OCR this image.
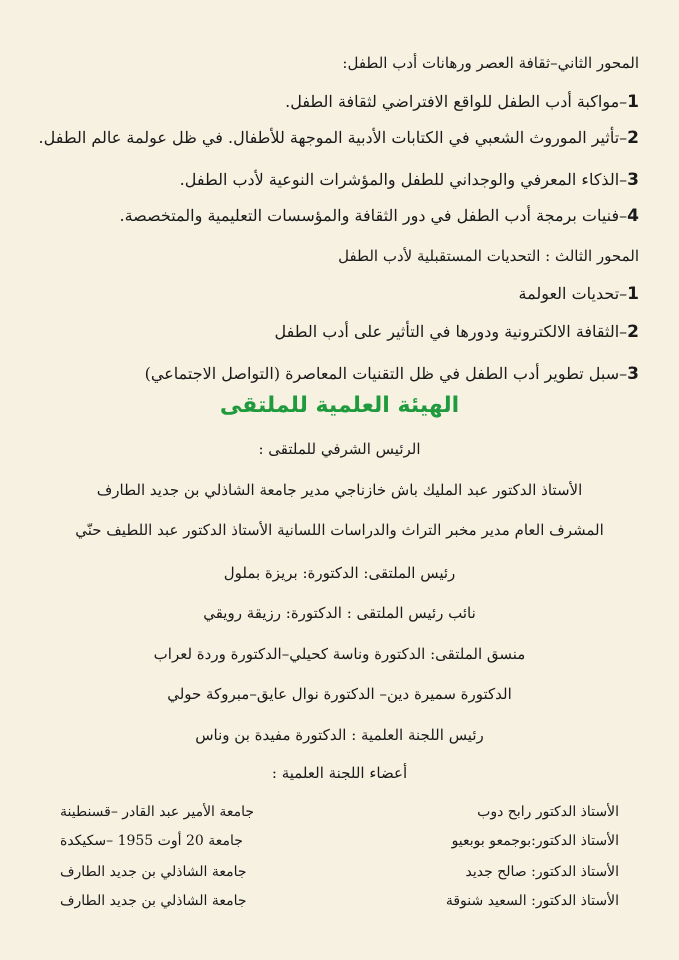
المحور الثاني–ثقافة العصر ورهانات أدب الطفل:
1–مواكبة أدب الطفل للواقع الافتراضي لثقافة الطفل.
2–تأثير الموروث الشعبي في الكتابات الأدبية الموجهة للأطفال. في ظل عولمة عالم الطفل.
3–الذكاء المعرفي والوجداني للطفل والمؤشرات النوعية لأدب الطفل.
4–فنيات برمجة أدب الطفل في دور الثقافة والمؤسسات التعليمية والمتخصصة.
المحور الثالث : التحديات المستقبلية لأدب الطفل
1–تحديات العولمة
2–الثقافة الالكترونية ودورها في التأثير على أدب الطفل
3–سبل تطوير أدب الطفل في ظل التقنيات المعاصرة (التواصل الاجتماعي)
الهيئة العلمية للملتقى
الرئيس الشرفي للملتقى :
الأستاذ الدكتور عبد المليك باش خازناجي مدير جامعة الشاذلي بن جديد الطارف
المشرف العام مدير مخبر التراث والدراسات اللسانية الأستاذ الدكتور عبد اللطيف حنّي
رئيس الملتقى: الدكتورة: بريزة بملول
نائب رئيس الملتقى : الدكتورة: رزيقة رويقي
منسق الملتقى: الدكتورة وناسة كحيلي–الدكتورة وردة لعراب
الدكتورة سميرة دين– الدكتورة نوال عايق–مبروكة حولي
رئيس اللجنة العلمية : الدكتورة مفيدة بن وناس
أعضاء اللجنة العلمية :
الأستاذ الدكتور رابح دوب
جامعة الأمير عبد القادر –قسنطينة
الأستاذ الدكتور:بوجمعو بوبعيو
جامعة 20 أوت 1955 –سكيكدة
الأستاذ الدكتور: صالح جديد
جامعة الشاذلي بن جديد الطارف
الأستاذ الدكتور: السعيد شنوقة
جامعة الشاذلي بن جديد الطارف
